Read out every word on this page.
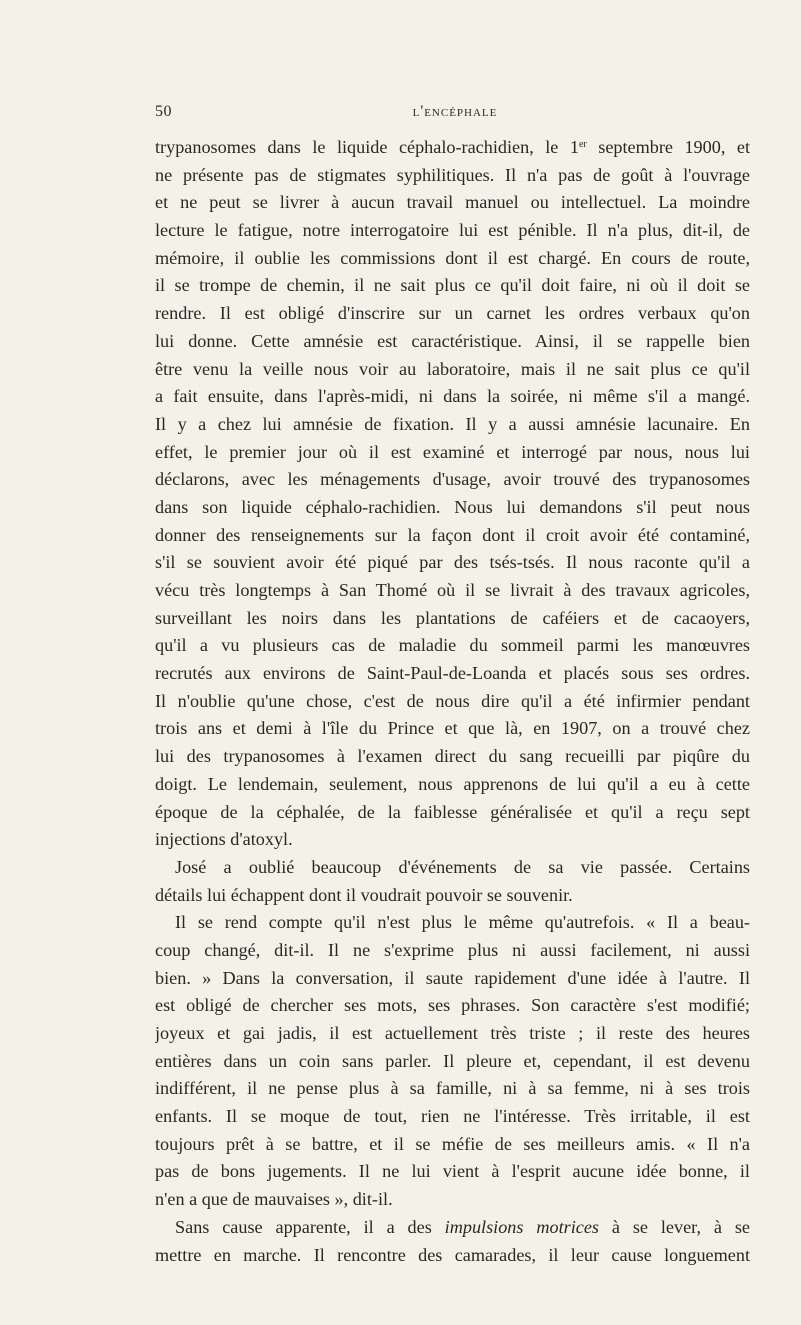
50	l'encéphale
trypanosomes dans le liquide céphalo-rachidien, le 1er septembre 1900, et
ne présente pas de stigmates syphilitiques. Il n'a pas de goût à l'ouvrage
et ne peut se livrer à aucun travail manuel ou intellectuel. La moindre
lecture le fatigue, notre interrogatoire lui est pénible. Il n'a plus, dit-il, de
mémoire, il oublie les commissions dont il est chargé. En cours de route,
il se trompe de chemin, il ne sait plus ce qu'il doit faire, ni où il doit se
rendre. Il est obligé d'inscrire sur un carnet les ordres verbaux qu'on
lui donne. Cette amnésie est caractéristique. Ainsi, il se rappelle bien
être venu la veille nous voir au laboratoire, mais il ne sait plus ce qu'il
a fait ensuite, dans l'après-midi, ni dans la soirée, ni même s'il a mangé.
Il y a chez lui amnésie de fixation. Il y a aussi amnésie lacunaire. En
effet, le premier jour où il est examiné et interrogé par nous, nous lui
déclarons, avec les ménagements d'usage, avoir trouvé des trypanosomes
dans son liquide céphalo-rachidien. Nous lui demandons s'il peut nous
donner des renseignements sur la façon dont il croit avoir été contaminé,
s'il se souvient avoir été piqué par des tsés-tsés. Il nous raconte qu'il a
vécu très longtemps à San Thomé où il se livrait à des travaux agricoles,
surveillant les noirs dans les plantations de caféiers et de cacaoyers,
qu'il a vu plusieurs cas de maladie du sommeil parmi les manœuvres
recrutés aux environs de Saint-Paul-de-Loanda et placés sous ses ordres.
Il n'oublie qu'une chose, c'est de nous dire qu'il a été infirmier pendant
trois ans et demi à l'île du Prince et que là, en 1907, on a trouvé chez
lui des trypanosomes à l'examen direct du sang recueilli par piqûre du
doigt. Le lendemain, seulement, nous apprenons de lui qu'il a eu à cette
époque de la céphalée, de la faiblesse généralisée et qu'il a reçu sept
injections d'atoxyl.
José a oublié beaucoup d'événements de sa vie passée. Certains
détails lui échappent dont il voudrait pouvoir se souvenir.
Il se rend compte qu'il n'est plus le même qu'autrefois. « Il a beau-
coup changé, dit-il. Il ne s'exprime plus ni aussi facilement, ni aussi
bien. » Dans la conversation, il saute rapidement d'une idée à l'autre. Il
est obligé de chercher ses mots, ses phrases. Son caractère s'est modifié;
joyeux et gai jadis, il est actuellement très triste ; il reste des heures
entières dans un coin sans parler. Il pleure et, cependant, il est devenu
indifférent, il ne pense plus à sa famille, ni à sa femme, ni à ses trois
enfants. Il se moque de tout, rien ne l'intéresse. Très irritable, il est
toujours prêt à se battre, et il se méfie de ses meilleurs amis. « Il n'a
pas de bons jugements. Il ne lui vient à l'esprit aucune idée bonne, il
n'en a que de mauvaises », dit-il.
Sans cause apparente, il a des impulsions motrices à se lever, à se
mettre en marche. Il rencontre des camarades, il leur cause longuement
